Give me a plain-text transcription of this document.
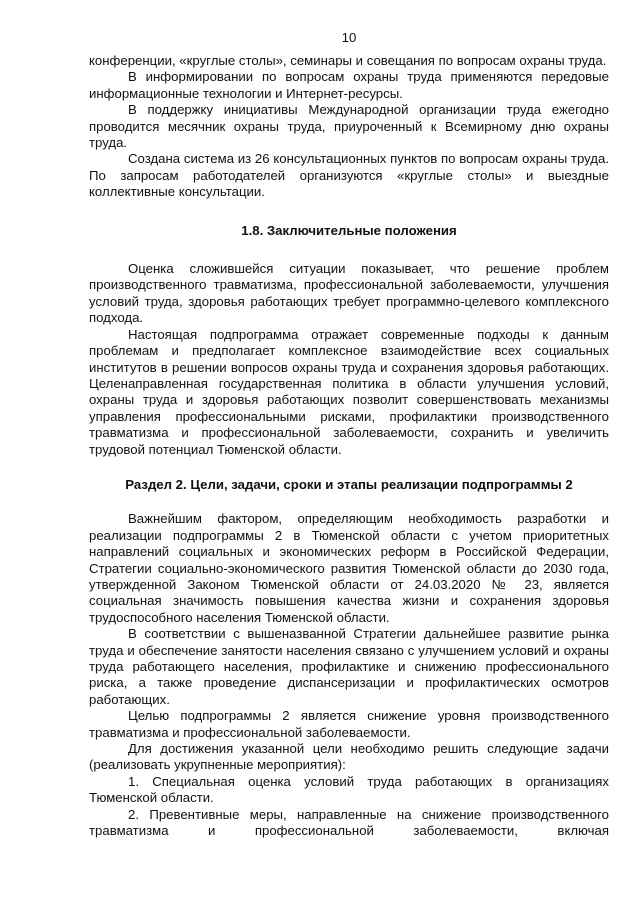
10

конференции, «круглые столы», семинары и совещания по вопросам охраны труда.

В информировании по вопросам охраны труда применяются передовые информационные технологии и Интернет-ресурсы.

В поддержку инициативы Международной организации труда ежегодно проводится месячник охраны труда, приуроченный к Всемирному дню охраны труда.

Создана система из 26 консультационных пунктов по вопросам охраны труда. По запросам работодателей организуются «круглые столы» и выездные коллективные консультации.

1.8. Заключительные положения

Оценка сложившейся ситуации показывает, что решение проблем производственного травматизма, профессиональной заболеваемости, улучшения условий труда, здоровья работающих требует программно-целевого комплексного подхода.

Настоящая подпрограмма отражает современные подходы к данным проблемам и предполагает комплексное взаимодействие всех социальных институтов в решении вопросов охраны труда и сохранения здоровья работающих. Целенаправленная государственная политика в области улучшения условий, охраны труда и здоровья работающих позволит совершенствовать механизмы управления профессиональными рисками, профилактики производственного травматизма и профессиональной заболеваемости, сохранить и увеличить трудовой потенциал Тюменской области.

Раздел 2. Цели, задачи, сроки и этапы реализации подпрограммы 2

Важнейшим фактором, определяющим необходимость разработки и реализации подпрограммы 2 в Тюменской области с учетом приоритетных направлений социальных и экономических реформ в Российской Федерации, Стратегии социально-экономического развития Тюменской области до 2030 года, утвержденной Законом Тюменской области от 24.03.2020 № 23, является социальная значимость повышения качества жизни и сохранения здоровья трудоспособного населения Тюменской области.

В соответствии с вышеназванной Стратегии дальнейшее развитие рынка труда и обеспечение занятости населения связано с улучшением условий и охраны труда работающего населения, профилактике и снижению профессионального риска, а также проведение диспансеризации и профилактических осмотров работающих.

Целью подпрограммы 2 является снижение уровня производственного травматизма и профессиональной заболеваемости.

Для достижения указанной цели необходимо решить следующие задачи (реализовать укрупненные мероприятия):

1. Специальная оценка условий труда работающих в организациях Тюменской области.

2. Превентивные меры, направленные на снижение производственного травматизма и профессиональной заболеваемости, включая
